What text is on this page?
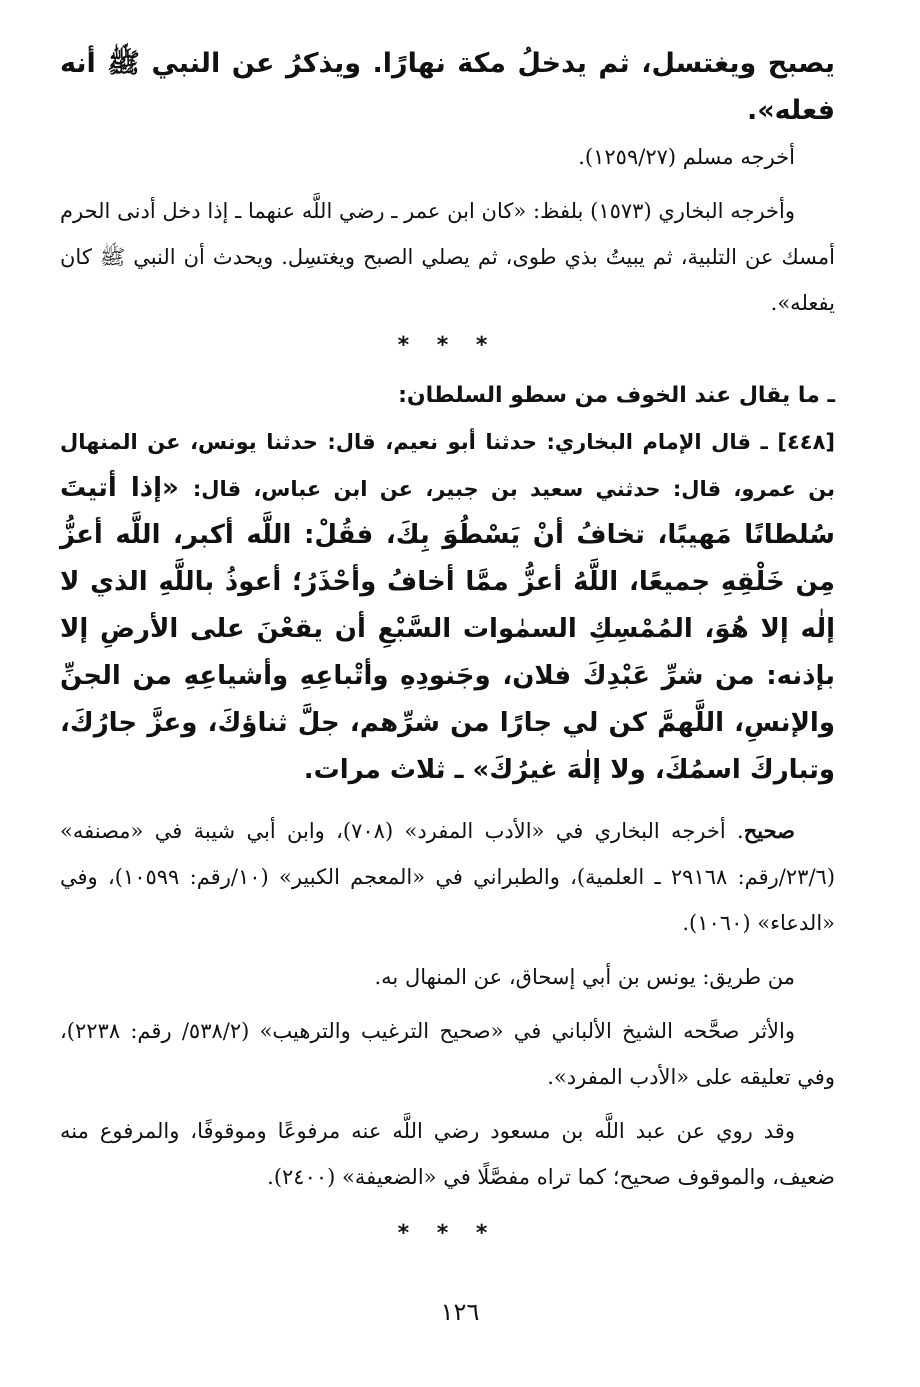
يصبح ويغتسل، ثم يدخلُ مكة نهارًا. ويذكرُ عن النبي ﷺ أنه فعله».

أخرجه مسلم (١٢٥٩/٢٧).

وأخرجه البخاري (١٥٧٣) بلفظ: «كان ابن عمر ـ رضي اللَّه عنهما ـ إذا دخل أدنى الحرم أمسك عن التلبية، ثم يبيتُ بذي طوى، ثم يصلي الصبح ويغتسِل. ويحدث أن النبي ﷺ كان يفعله».

* * *

ـ ما يقال عند الخوف من سطو السلطان:

[٤٤٨] ـ قال الإمام البخاري: حدثنا أبو نعيم، قال: حدثنا يونس، عن المنهال بن عمرو، قال: حدثني سعيد بن جبير، عن ابن عباس، قال: «إذا أتيتَ سُلطانًا مَهيبًا، تخافُ أنْ يَسْطُوَ بِكَ، فقُلْ: اللَّه أكبر، اللَّه أعزُّ مِن خَلْقِهِ جميعًا، اللَّهُ أعزُّ ممَّا أخافُ وأحْذَرُ؛ أعوذُ باللَّهِ الذي لا إلٰه إلا هُوَ، المُمْسِكِ السمٰوات السَّبْعِ أن يقعْنَ على الأرضِ إلا بإذنه: من شرِّ عَبْدِكَ فلان، وجَنودِهِ وأتْباعِهِ وأشياعِهِ من الجنِّ والإنسِ، اللَّهمَّ كن لي جارًا من شرِّهم، جلَّ ثناؤكَ، وعزَّ جارُكَ، وتباركَ اسمُكَ، ولا إلٰهَ غيرُكَ» ـ ثلاث مرات.

صحيح. أخرجه البخاري في «الأدب المفرد» (٧٠٨)، وابن أبي شيبة في «مصنفه» (٢٣/٦/رقم: ٢٩١٦٨ ـ العلمية)، والطبراني في «المعجم الكبير» (١٠/رقم: ١٠٥٩٩)، وفي «الدعاء» (١٠٦٠).

من طريق: يونس بن أبي إسحاق، عن المنهال به.

والأثر صحَّحه الشيخ الألباني في «صحيح الترغيب والترهيب» (٥٣٨/٢/ رقم: ٢٢٣٨)، وفي تعليقه على «الأدب المفرد».

وقد روي عن عبد اللَّه بن مسعود رضي اللَّه عنه مرفوعًا وموقوفًا، والمرفوع منه ضعيف، والموقوف صحيح؛ كما تراه مفصَّلًا في «الضعيفة» (٢٤٠٠).

* * *
١٢٦
